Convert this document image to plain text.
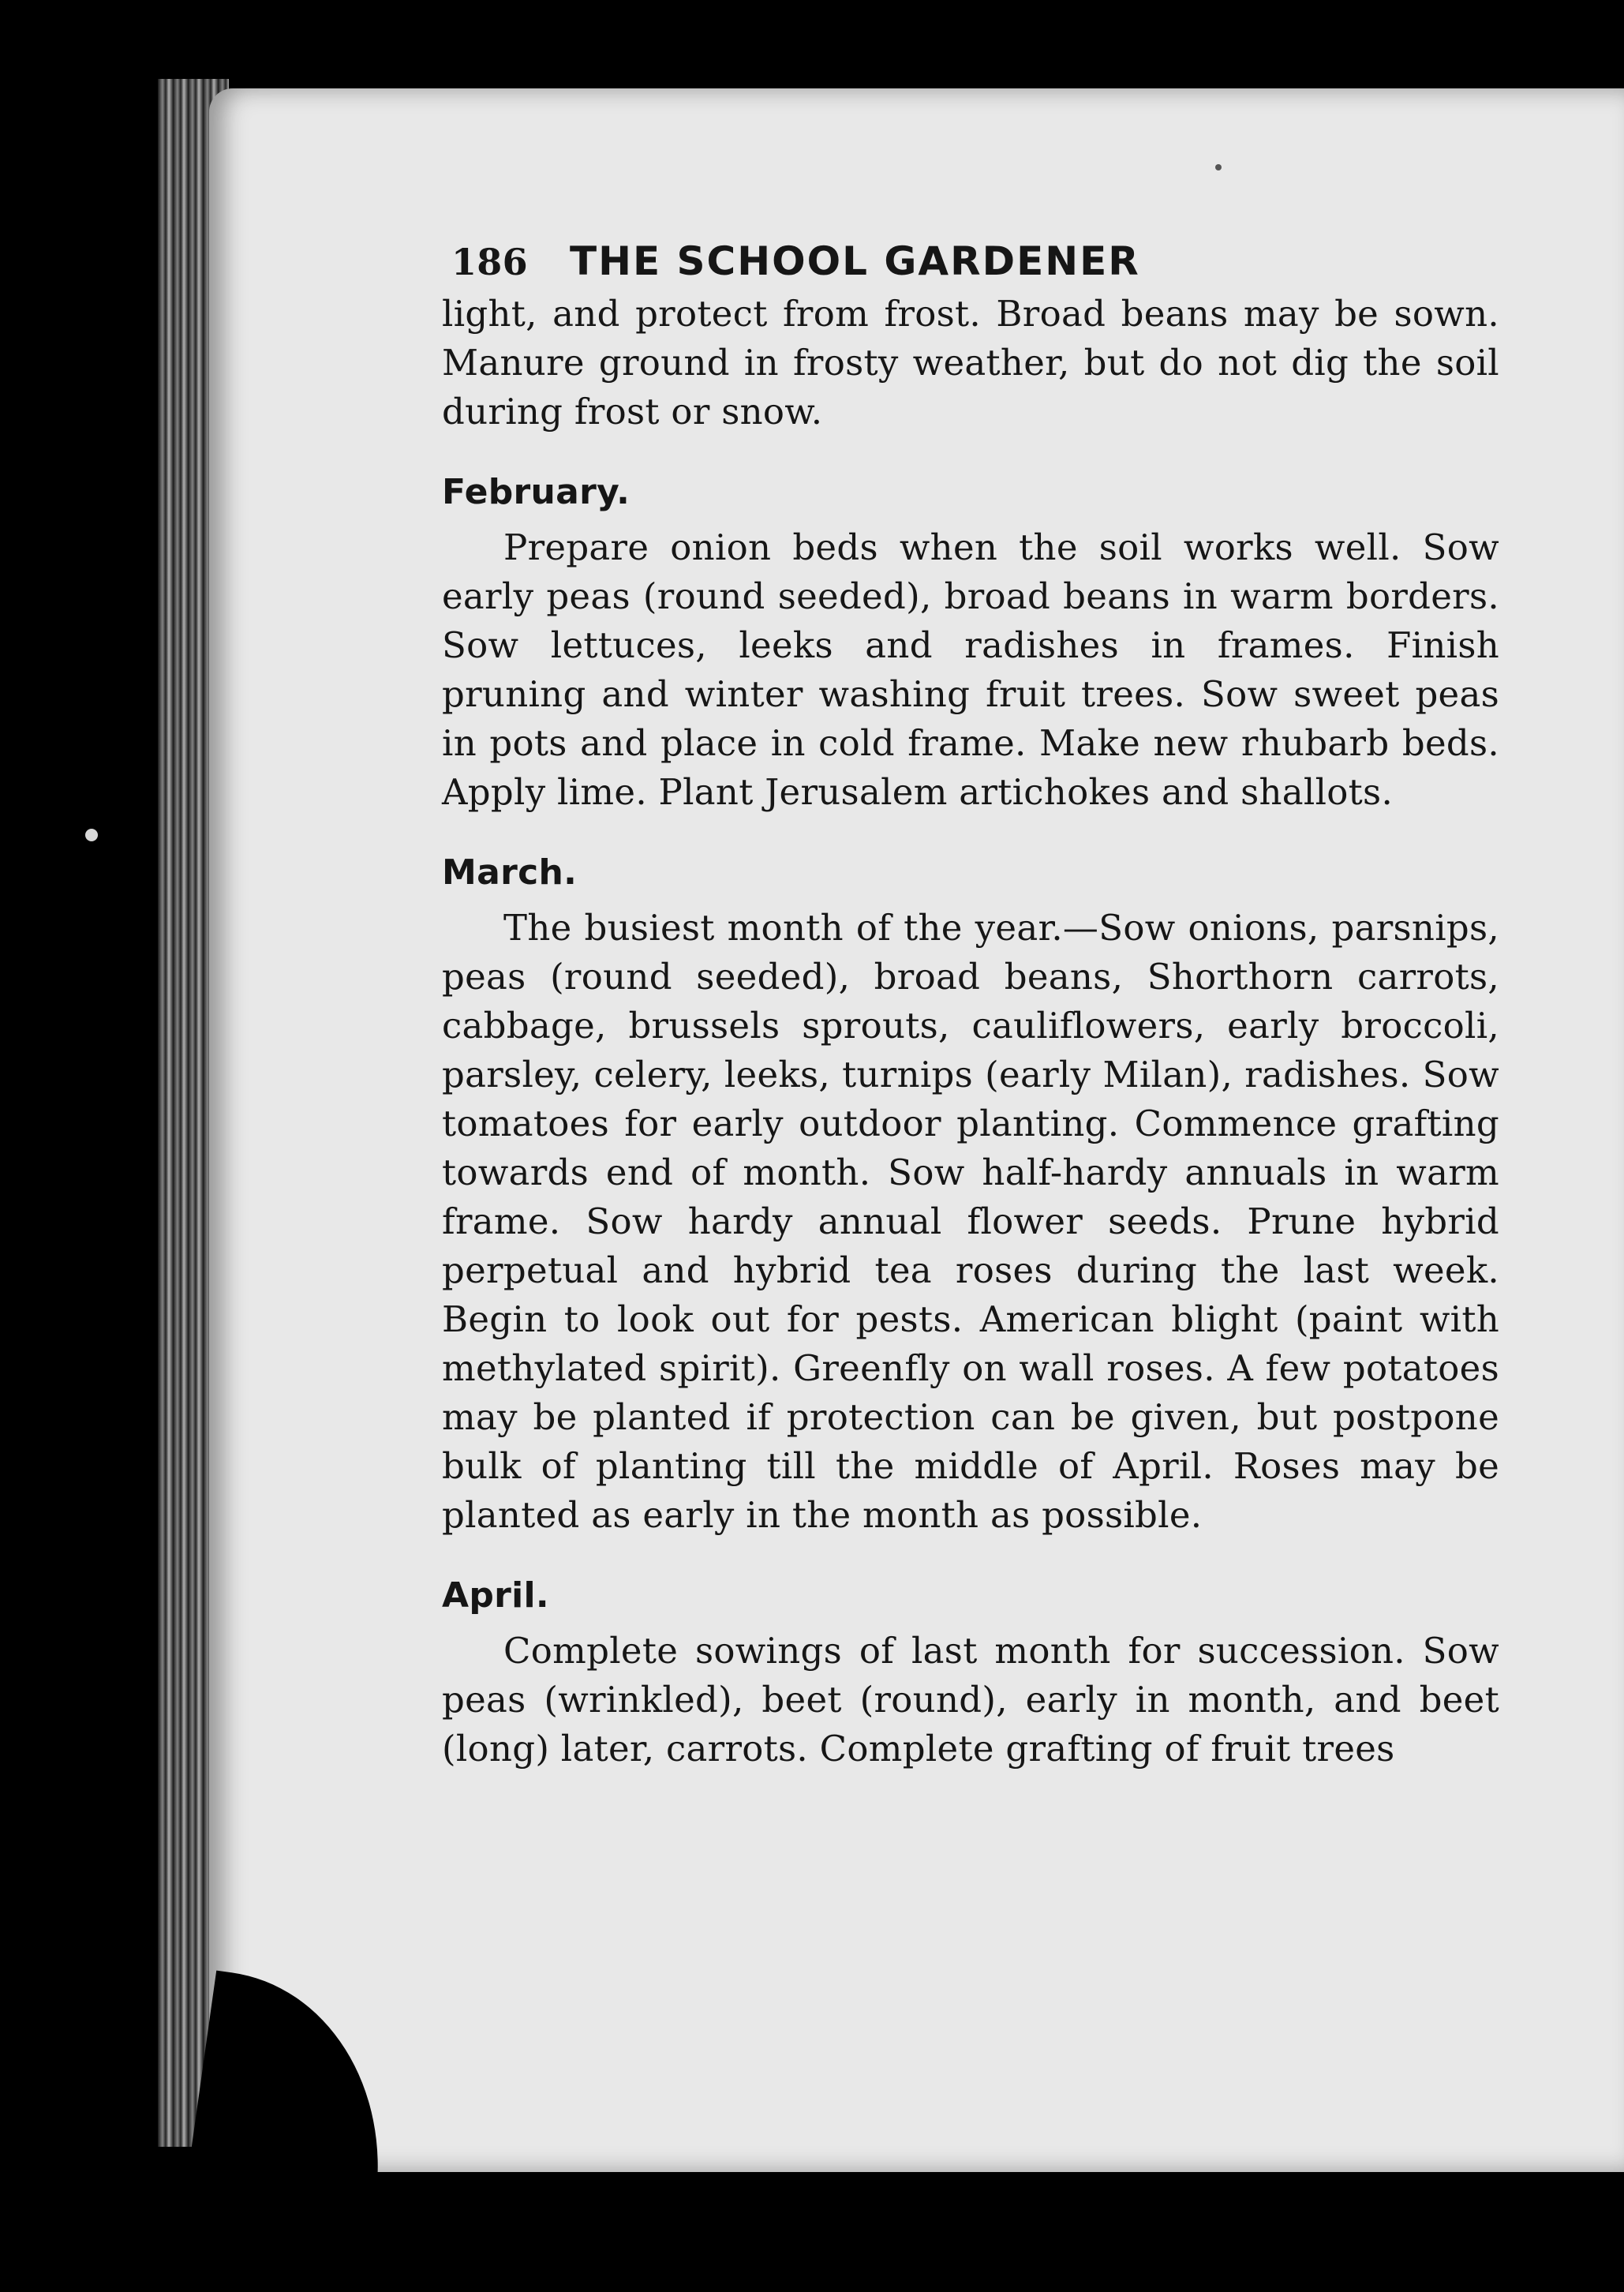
186	THE SCHOOL GARDENER

light, and protect from frost. Broad beans may be sown. Manure ground in frosty weather, but do not dig the soil during frost or snow.

February.

Prepare onion beds when the soil works well. Sow early peas (round seeded), broad beans in warm borders. Sow lettuces, leeks and radishes in frames. Finish pruning and winter washing fruit trees. Sow sweet peas in pots and place in cold frame. Make new rhubarb beds. Apply lime. Plant Jerusalem artichokes and shallots.

March.

The busiest month of the year.—Sow onions, parsnips, peas (round seeded), broad beans, Shorthorn carrots, cabbage, brussels sprouts, cauliflowers, early broccoli, parsley, celery, leeks, turnips (early Milan), radishes. Sow tomatoes for early outdoor planting. Commence grafting towards end of month. Sow half-hardy annuals in warm frame. Sow hardy annual flower seeds. Prune hybrid perpetual and hybrid tea roses during the last week. Begin to look out for pests. American blight (paint with methylated spirit). Greenfly on wall roses. A few potatoes may be planted if protection can be given, but postpone bulk of planting till the middle of April. Roses may be planted as early in the month as possible.

April.

Complete sowings of last month for succession. Sow peas (wrinkled), beet (round), early in month, and beet (long) later, carrots. Complete grafting of fruit trees
